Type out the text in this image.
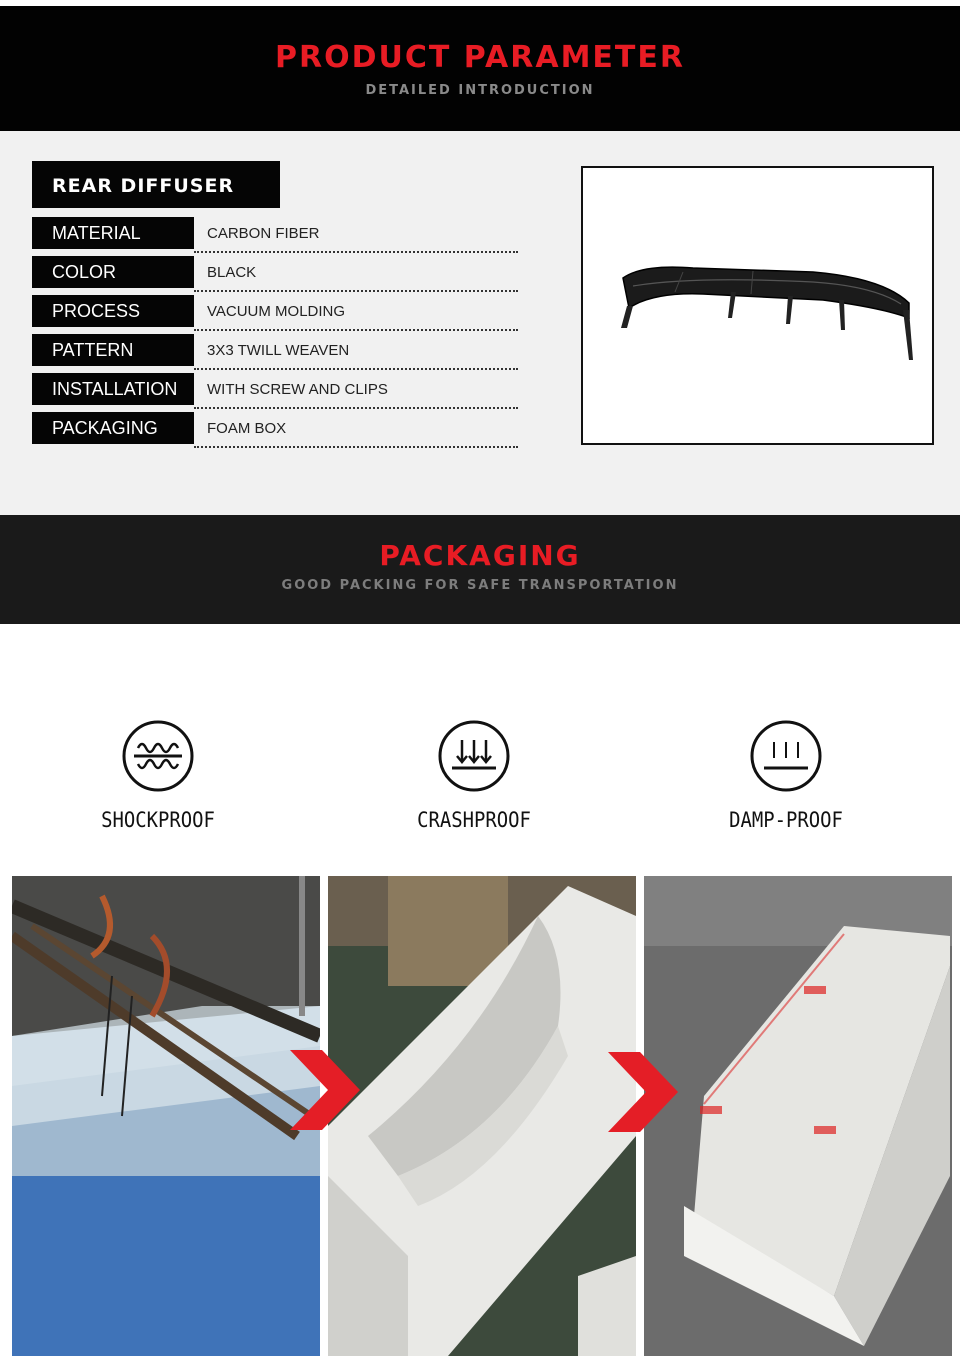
PRODUCT PARAMETER
DETAILED INTRODUCTION
REAR DIFFUSER
MATERIAL	CARBON FIBER
COLOR	BLACK
PROCESS	VACUUM MOLDING
PATTERN	3X3 TWILL WEAVEN
INSTALLATION	WITH SCREW AND CLIPS
PACKAGING	FOAM BOX
PACKAGING
GOOD PACKING FOR SAFE TRANSPORTATION
SHOCKPROOF	CRASHPROOF	DAMP-PROOF
